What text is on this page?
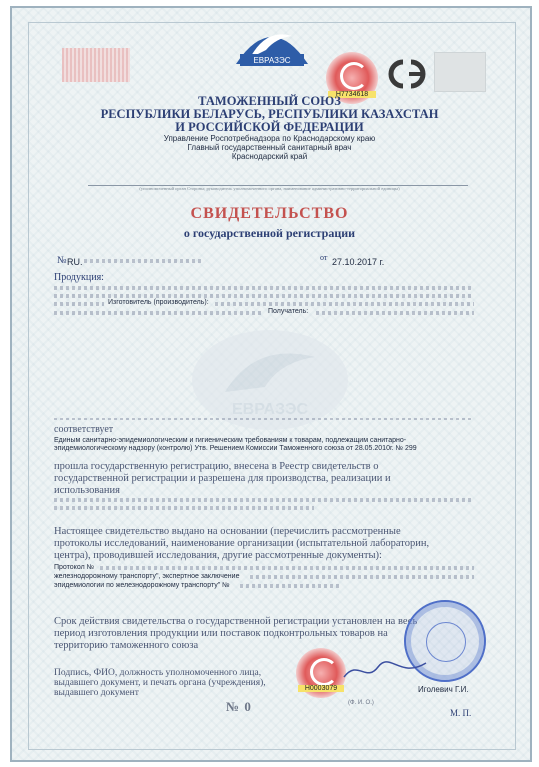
ЕВРАЗЭС
Н7734618
ТАМОЖЕННЫЙ СОЮЗ
РЕСПУБЛИКИ БЕЛАРУСЬ, РЕСПУБЛИКИ КАЗАХСТАН
И РОССИЙСКОЙ ФЕДЕРАЦИИ
Управление Роспотребнадзора по Краснодарскому краю
Главный государственный санитарный врач
Краснодарский край
(уполномоченный орган Стороны; руководитель уполномоченного органа, наименование административно-территориальной единицы)
СВИДЕТЕЛЬСТВО
о государственной регистрации
№ RU.	от 27.10.2017 г.
Продукция:
Изготовитель (производитель):
Получатель:
ЕВРАЗЭС
соответствует
Единым санитарно-эпидемиологическим и гигиеническим требованиям к товарам, подлежащим санитарно-
эпидемиологическому надзору (контролю) Утв. Решением Комиссии Таможенного союза от 28.05.2010г. № 299
прошла государственную регистрацию, внесена в Реестр свидетельств о
государственной регистрации и разрешена для производства, реализации и
использования
Настоящее свидетельство выдано на основании (перечислить рассмотренные
протоколы исследований, наименование организации (испытательной лабораторин,
центра), проводившей исследования, другие рассмотренные документы):
Протокол №
железнодорожному транспорту", экспертное заключение
эпидемиологии по железнодорожному транспорту" №
Срок действия свидетельства о государственной регистрации установлен на весь
период изготовления продукции или поставок подконтрольных товаров на
территорию таможенного союза
Н0003079
Подпись, ФИО, должность уполномоченного лица,
выдавшего документ, и печать органа (учреждения),
выдавшего документ	Иголевич Г.И.
(Ф. И. О.)
М. П.
№ 0
